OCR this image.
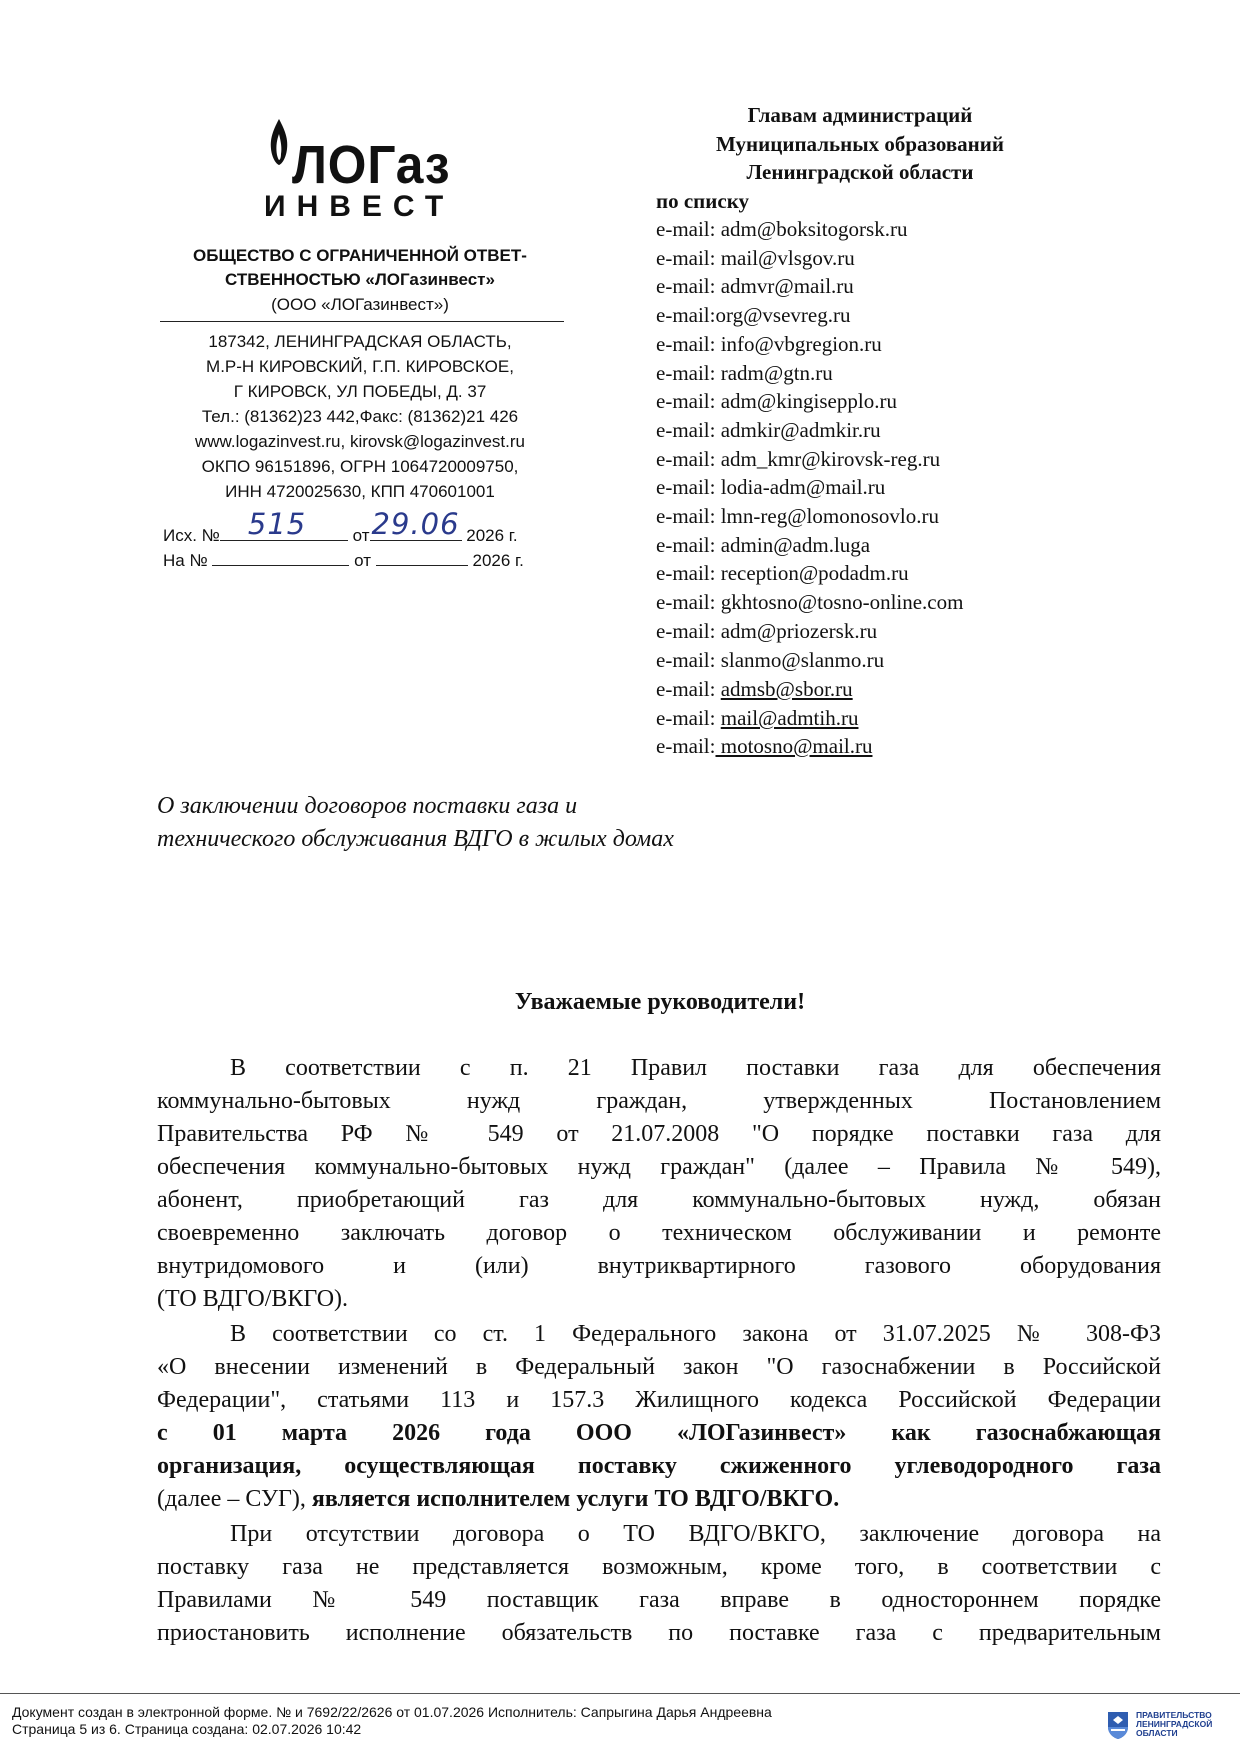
ЛОГаз
ИНВЕСТ
ОБЩЕСТВО С ОГРАНИЧЕННОЙ ОТВЕТ-
СТВЕННОСТЬЮ «ЛОГазинвест»
(ООО «ЛОГазинвест»)
187342, ЛЕНИНГРАДСКАЯ ОБЛАСТЬ,
М.Р-Н КИРОВСКИЙ, Г.П. КИРОВСКОЕ,
Г КИРОВСК, УЛ ПОБЕДЫ, Д. 37
Тел.: (81362)23 442,Факс: (81362)21 426
www.logazinvest.ru, kirovsk@logazinvest.ru
ОКПО 96151896, ОГРН 1064720009750,
ИНН 4720025630, КПП 470601001
Исх. № 515	от 29.06 2026 г.
На №	от	2026 г.
Главам администраций
Муниципальных образований
Ленинградской области
по списку
e-mail: adm@boksitogorsk.ru
e-mail: mail@vlsgov.ru
e-mail: admvr@mail.ru
e-mail:org@vsevreg.ru
e-mail: info@vbgregion.ru
e-mail: radm@gtn.ru
e-mail: adm@kingisepplo.ru
e-mail: admkir@admkir.ru
e-mail: adm_kmr@kirovsk-reg.ru
e-mail: lodia-adm@mail.ru
e-mail: lmn-reg@lomonosovlo.ru
e-mail: admin@adm.luga
e-mail: reception@podadm.ru
e-mail: gkhtosno@tosno-online.com
e-mail: adm@priozersk.ru
e-mail: slanmo@slanmo.ru
e-mail: admsb@sbor.ru
e-mail: mail@admtih.ru
e-mail: motosno@mail.ru
О заключении договоров поставки газа и
технического обслуживания ВДГО в жилых домах
Уважаемые руководители!
В соответствии с п. 21 Правил поставки газа для обеспечения
коммунально-бытовых нужд граждан, утвержденных Постановлением
Правительства РФ № 549 от 21.07.2008 "О порядке поставки газа для
обеспечения коммунально-бытовых нужд граждан" (далее – Правила № 549),
абонент, приобретающий газ для коммунально-бытовых нужд, обязан
своевременно заключать договор о техническом обслуживании и ремонте
внутридомового и (или) внутриквартирного газового оборудования
(ТО ВДГО/ВКГО).
В соответствии со ст. 1 Федерального закона от 31.07.2025 № 308-ФЗ
«О внесении изменений в Федеральный закон "О газоснабжении в Российской
Федерации", статьями 113 и 157.3 Жилищного кодекса Российской Федерации
с 01 марта 2026 года ООО «ЛОГазинвест» как газоснабжающая
организация, осуществляющая поставку сжиженного углеводородного газа
(далее – СУГ), является исполнителем услуги ТО ВДГО/ВКГО.
При отсутствии договора о ТО ВДГО/ВКГО, заключение договора на
поставку газа не представляется возможным, кроме того, в соответствии с
Правилами № 549 поставщик газа вправе в одностороннем порядке
приостановить исполнение обязательств по поставке газа с предварительным
Документ создан в электронной форме. № и 7692/22/2626 от 01.07.2026 Исполнитель: Сапрыгина Дарья Андреевна
Страница 5 из 6. Страница создана: 02.07.2026 10:42
ПРАВИТЕЛЬСТВО
ЛЕНИНГРАДСКОЙ
ОБЛАСТИ
